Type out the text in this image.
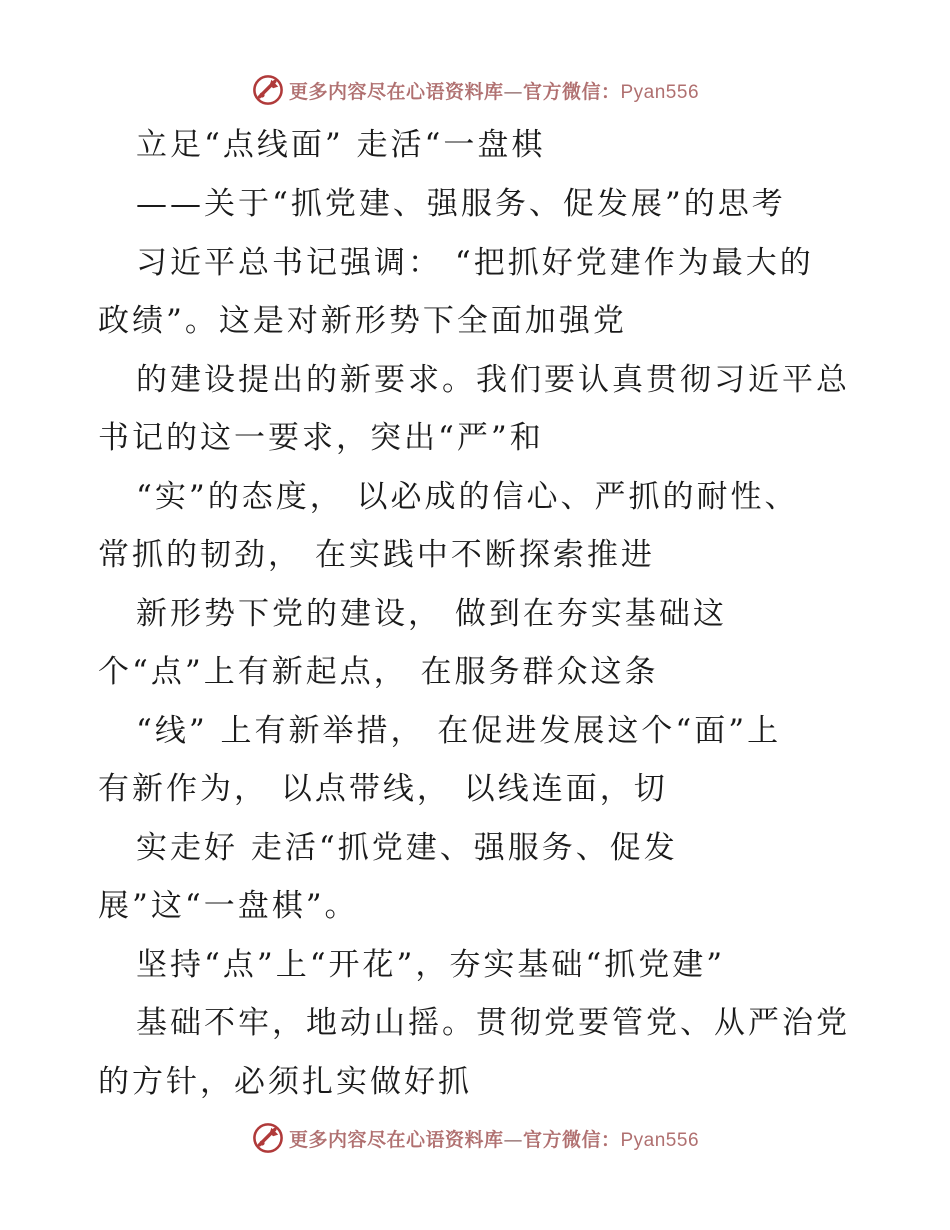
更多内容尽在心语资料库—官方微信：Pyan556
立足“点线面” 走活“一盘棋
——关于“抓党建、强服务、促发展”的思考
习近平总书记强调： “把抓好党建作为最大的
政绩”。这是对新形势下全面加强党
的建设提出的新要求。我们要认真贯彻习近平总
书记的这一要求，突出“严”和
“实”的态度， 以必成的信心、严抓的耐性、
常抓的韧劲， 在实践中不断探索推进
新形势下党的建设， 做到在夯实基础这
个“点”上有新起点， 在服务群众这条
“线” 上有新举措， 在促进发展这个“面”上
有新作为， 以点带线， 以线连面，切
实走好 走活“抓党建、强服务、促发
展”这“一盘棋”。
坚持“点”上“开花”，夯实基础“抓党建”
基础不牢，地动山摇。贯彻党要管党、从严治党
的方针，必须扎实做好抓
更多内容尽在心语资料库—官方微信：Pyan556
